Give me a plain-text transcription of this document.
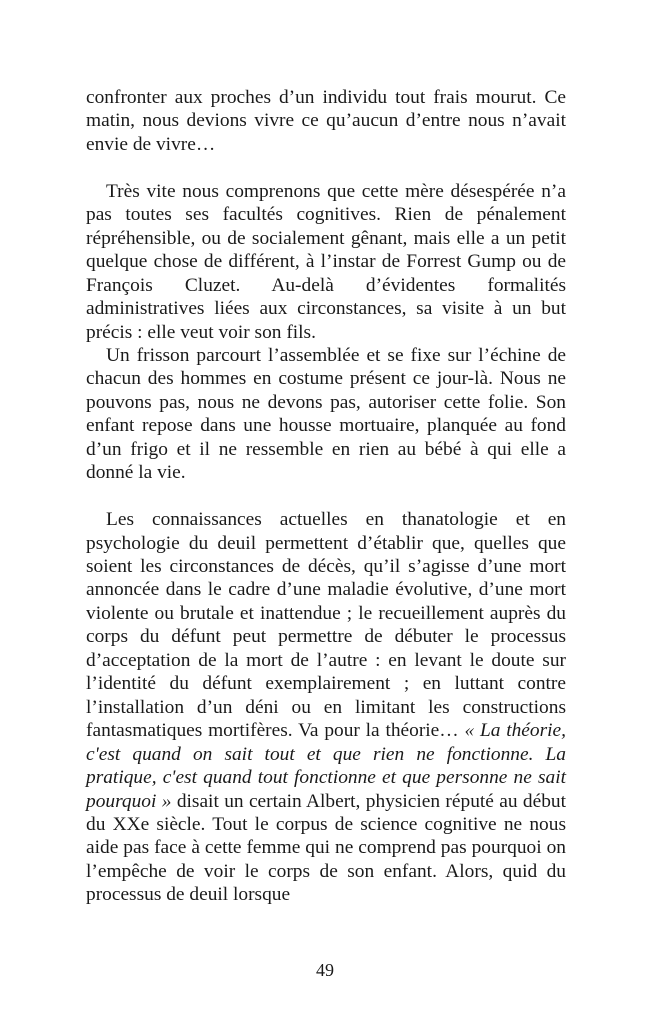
confronter aux proches d’un individu tout frais mourut. Ce matin, nous devions vivre ce qu’aucun d’entre nous n’avait envie de vivre…

Très vite nous comprenons que cette mère désespérée n’a pas toutes ses facultés cognitives. Rien de pénalement répréhensible, ou de socialement gênant, mais elle a un petit quelque chose de différent, à l’instar de Forrest Gump ou de François Cluzet. Au-delà d’évidentes formalités administratives liées aux circonstances, sa visite à un but précis : elle veut voir son fils.

Un frisson parcourt l’assemblée et se fixe sur l’échine de chacun des hommes en costume présent ce jour-là. Nous ne pouvons pas, nous ne devons pas, autoriser cette folie. Son enfant repose dans une housse mortuaire, planquée au fond d’un frigo et il ne ressemble en rien au bébé à qui elle a donné la vie.

Les connaissances actuelles en thanatologie et en psychologie du deuil permettent d’établir que, quelles que soient les circonstances de décès, qu’il s’agisse d’une mort annoncée dans le cadre d’une maladie évolutive, d’une mort violente ou brutale et inattendue ; le recueillement auprès du corps du défunt peut permettre de débuter le processus d’acceptation de la mort de l’autre : en levant le doute sur l’identité du défunt exemplairement ; en luttant contre l’installation d’un déni ou en limitant les constructions fantasmatiques mortifères. Va pour la théorie… « La théorie, c'est quand on sait tout et que rien ne fonctionne. La pratique, c'est quand tout fonctionne et que personne ne sait pourquoi » disait un certain Albert, physicien réputé au début du XXe siècle. Tout le corpus de science cognitive ne nous aide pas face à cette femme qui ne comprend pas pourquoi on l’empêche de voir le corps de son enfant. Alors, quid du processus de deuil lorsque

49
